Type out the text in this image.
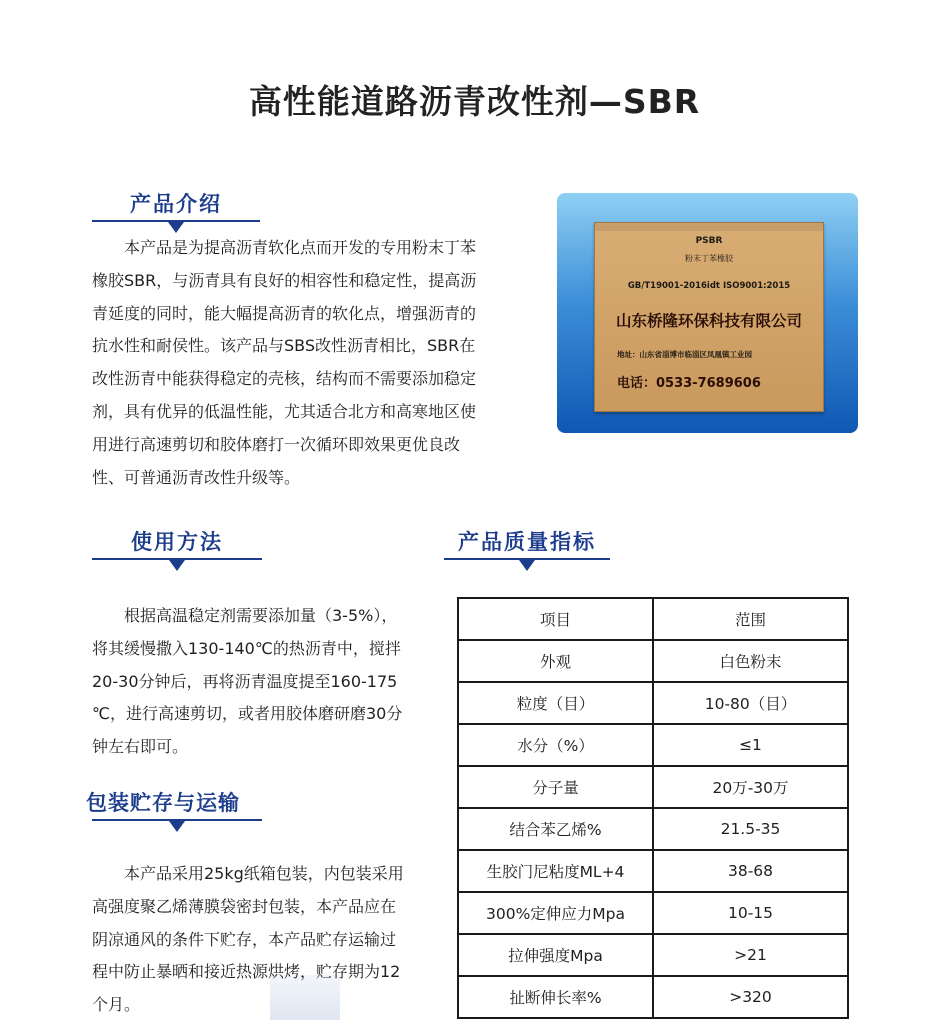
高性能道路沥青改性剂—SBR
产品介绍
本产品是为提高沥青软化点而开发的专用粉末丁苯
橡胶SBR，与沥青具有良好的相容性和稳定性，提高沥
青延度的同时，能大幅提高沥青的软化点，增强沥青的
抗水性和耐侯性。该产品与SBS改性沥青相比，SBR在
改性沥青中能获得稳定的壳核，结构而不需要添加稳定
剂，具有优异的低温性能，尤其适合北方和高寒地区使
用进行高速剪切和胶体磨打一次循环即效果更优良改
性、可普通沥青改性升级等。
PSBR
粉末丁苯橡胶
GB/T19001-2016idt ISO9001:2015
山东桥隆环保科技有限公司
地址：山东省淄博市临淄区凤凰镇工业园
电话：0533-7689606
使用方法
根据高温稳定剂需要添加量（3-5%），
将其缓慢撒入130-140℃的热沥青中，搅拌
20-30分钟后，再将沥青温度提至160-175
℃，进行高速剪切，或者用胶体磨研磨30分
钟左右即可。
包装贮存与运输
本产品采用25kg纸箱包装，内包装采用
高强度聚乙烯薄膜袋密封包装，本产品应在
阴凉通风的条件下贮存，本产品贮存运输过
程中防止暴晒和接近热源烘烤，贮存期为12
个月。
产品质量指标
项目	范围
外观	白色粉末
粒度（目）	10-80（目）
水分（%）	≤1
分子量	20万-30万
结合苯乙烯%	21.5-35
生胶门尼粘度ML+4	38-68
300%定伸应力Mpa	10-15
拉伸强度Mpa	>21
扯断伸长率%	>320
